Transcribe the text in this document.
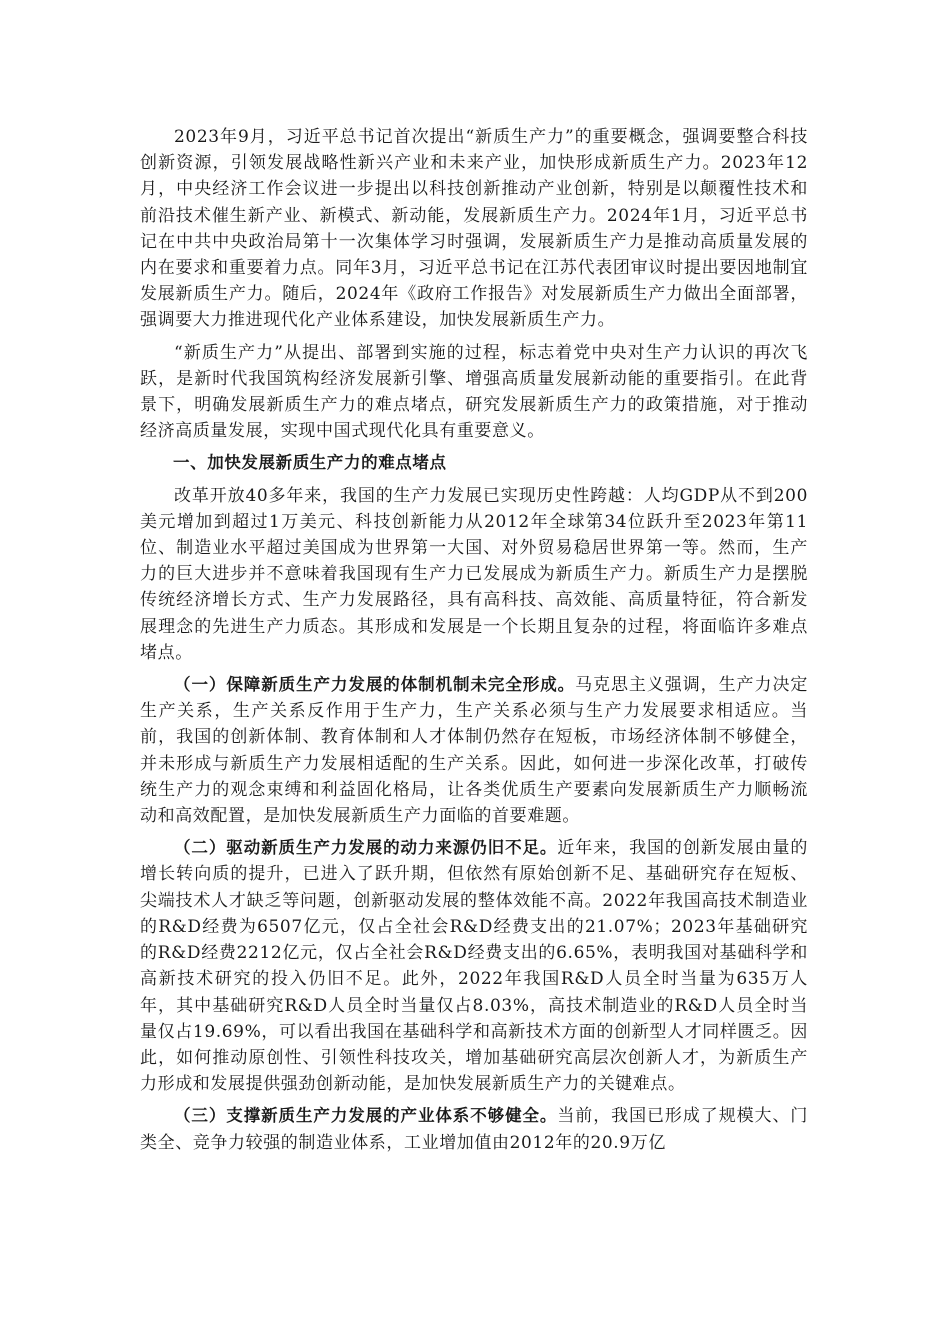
2023年9月，习近平总书记首次提出“新质生产力”的重要概念，强调要整合科技创新资源，引领发展战略性新兴产业和未来产业，加快形成新质生产力。2023年12月，中央经济工作会议进一步提出以科技创新推动产业创新，特别是以颠覆性技术和前沿技术催生新产业、新模式、新动能，发展新质生产力。2024年1月，习近平总书记在中共中央政治局第十一次集体学习时强调，发展新质生产力是推动高质量发展的内在要求和重要着力点。同年3月，习近平总书记在江苏代表团审议时提出要因地制宜发展新质生产力。随后，2024年《政府工作报告》对发展新质生产力做出全面部署，强调要大力推进现代化产业体系建设，加快发展新质生产力。

“新质生产力”从提出、部署到实施的过程，标志着党中央对生产力认识的再次飞跃，是新时代我国筑构经济发展新引擎、增强高质量发展新动能的重要指引。在此背景下，明确发展新质生产力的难点堵点，研究发展新质生产力的政策措施，对于推动经济高质量发展，实现中国式现代化具有重要意义。

一、加快发展新质生产力的难点堵点

改革开放40多年来，我国的生产力发展已实现历史性跨越：人均GDP从不到200美元增加到超过1万美元、科技创新能力从2012年全球第34位跃升至2023年第11位、制造业水平超过美国成为世界第一大国、对外贸易稳居世界第一等。然而，生产力的巨大进步并不意味着我国现有生产力已发展成为新质生产力。新质生产力是摆脱传统经济增长方式、生产力发展路径，具有高科技、高效能、高质量特征，符合新发展理念的先进生产力质态。其形成和发展是一个长期且复杂的过程，将面临许多难点堵点。

（一）保障新质生产力发展的体制机制未完全形成。马克思主义强调，生产力决定生产关系，生产关系反作用于生产力，生产关系必须与生产力发展要求相适应。当前，我国的创新体制、教育体制和人才体制仍然存在短板，市场经济体制不够健全，并未形成与新质生产力发展相适配的生产关系。因此，如何进一步深化改革，打破传统生产力的观念束缚和利益固化格局，让各类优质生产要素向发展新质生产力顺畅流动和高效配置，是加快发展新质生产力面临的首要难题。

（二）驱动新质生产力发展的动力来源仍旧不足。近年来，我国的创新发展由量的增长转向质的提升，已进入了跃升期，但依然有原始创新不足、基础研究存在短板、尖端技术人才缺乏等问题，创新驱动发展的整体效能不高。2022年我国高技术制造业的R&D经费为6507亿元，仅占全社会R&D经费支出的21.07%；2023年基础研究的R&D经费2212亿元，仅占全社会R&D经费支出的6.65%，表明我国对基础科学和高新技术研究的投入仍旧不足。此外，2022年我国R&D人员全时当量为635万人年，其中基础研究R&D人员全时当量仅占8.03%，高技术制造业的R&D人员全时当量仅占19.69%，可以看出我国在基础科学和高新技术方面的创新型人才同样匮乏。因此，如何推动原创性、引领性科技攻关，增加基础研究高层次创新人才，为新质生产力形成和发展提供强劲创新动能，是加快发展新质生产力的关键难点。

（三）支撑新质生产力发展的产业体系不够健全。当前，我国已形成了规模大、门类全、竞争力较强的制造业体系，工业增加值由2012年的20.9万亿
